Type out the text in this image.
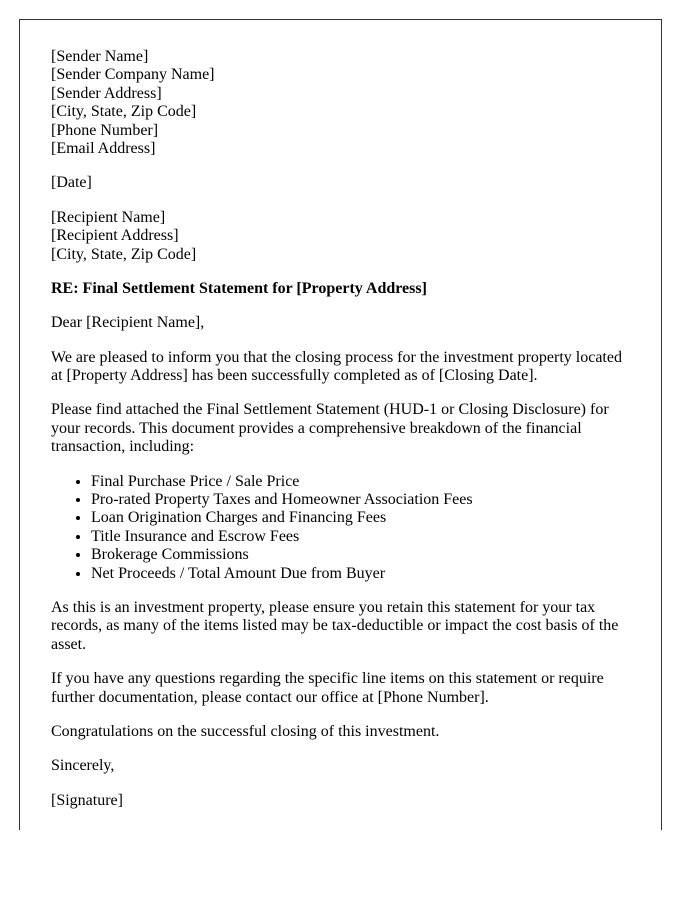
[Sender Name]
[Sender Company Name]
[Sender Address]
[City, State, Zip Code]
[Phone Number]
[Email Address]

[Date]

[Recipient Name]
[Recipient Address]
[City, State, Zip Code]

RE: Final Settlement Statement for [Property Address]

Dear [Recipient Name],

We are pleased to inform you that the closing process for the investment property located at [Property Address] has been successfully completed as of [Closing Date].

Please find attached the Final Settlement Statement (HUD-1 or Closing Disclosure) for your records. This document provides a comprehensive breakdown of the financial transaction, including:

• Final Purchase Price / Sale Price
• Pro-rated Property Taxes and Homeowner Association Fees
• Loan Origination Charges and Financing Fees
• Title Insurance and Escrow Fees
• Brokerage Commissions
• Net Proceeds / Total Amount Due from Buyer

As this is an investment property, please ensure you retain this statement for your tax records, as many of the items listed may be tax-deductible or impact the cost basis of the asset.

If you have any questions regarding the specific line items on this statement or require further documentation, please contact our office at [Phone Number].

Congratulations on the successful closing of this investment.

Sincerely,

[Signature]
